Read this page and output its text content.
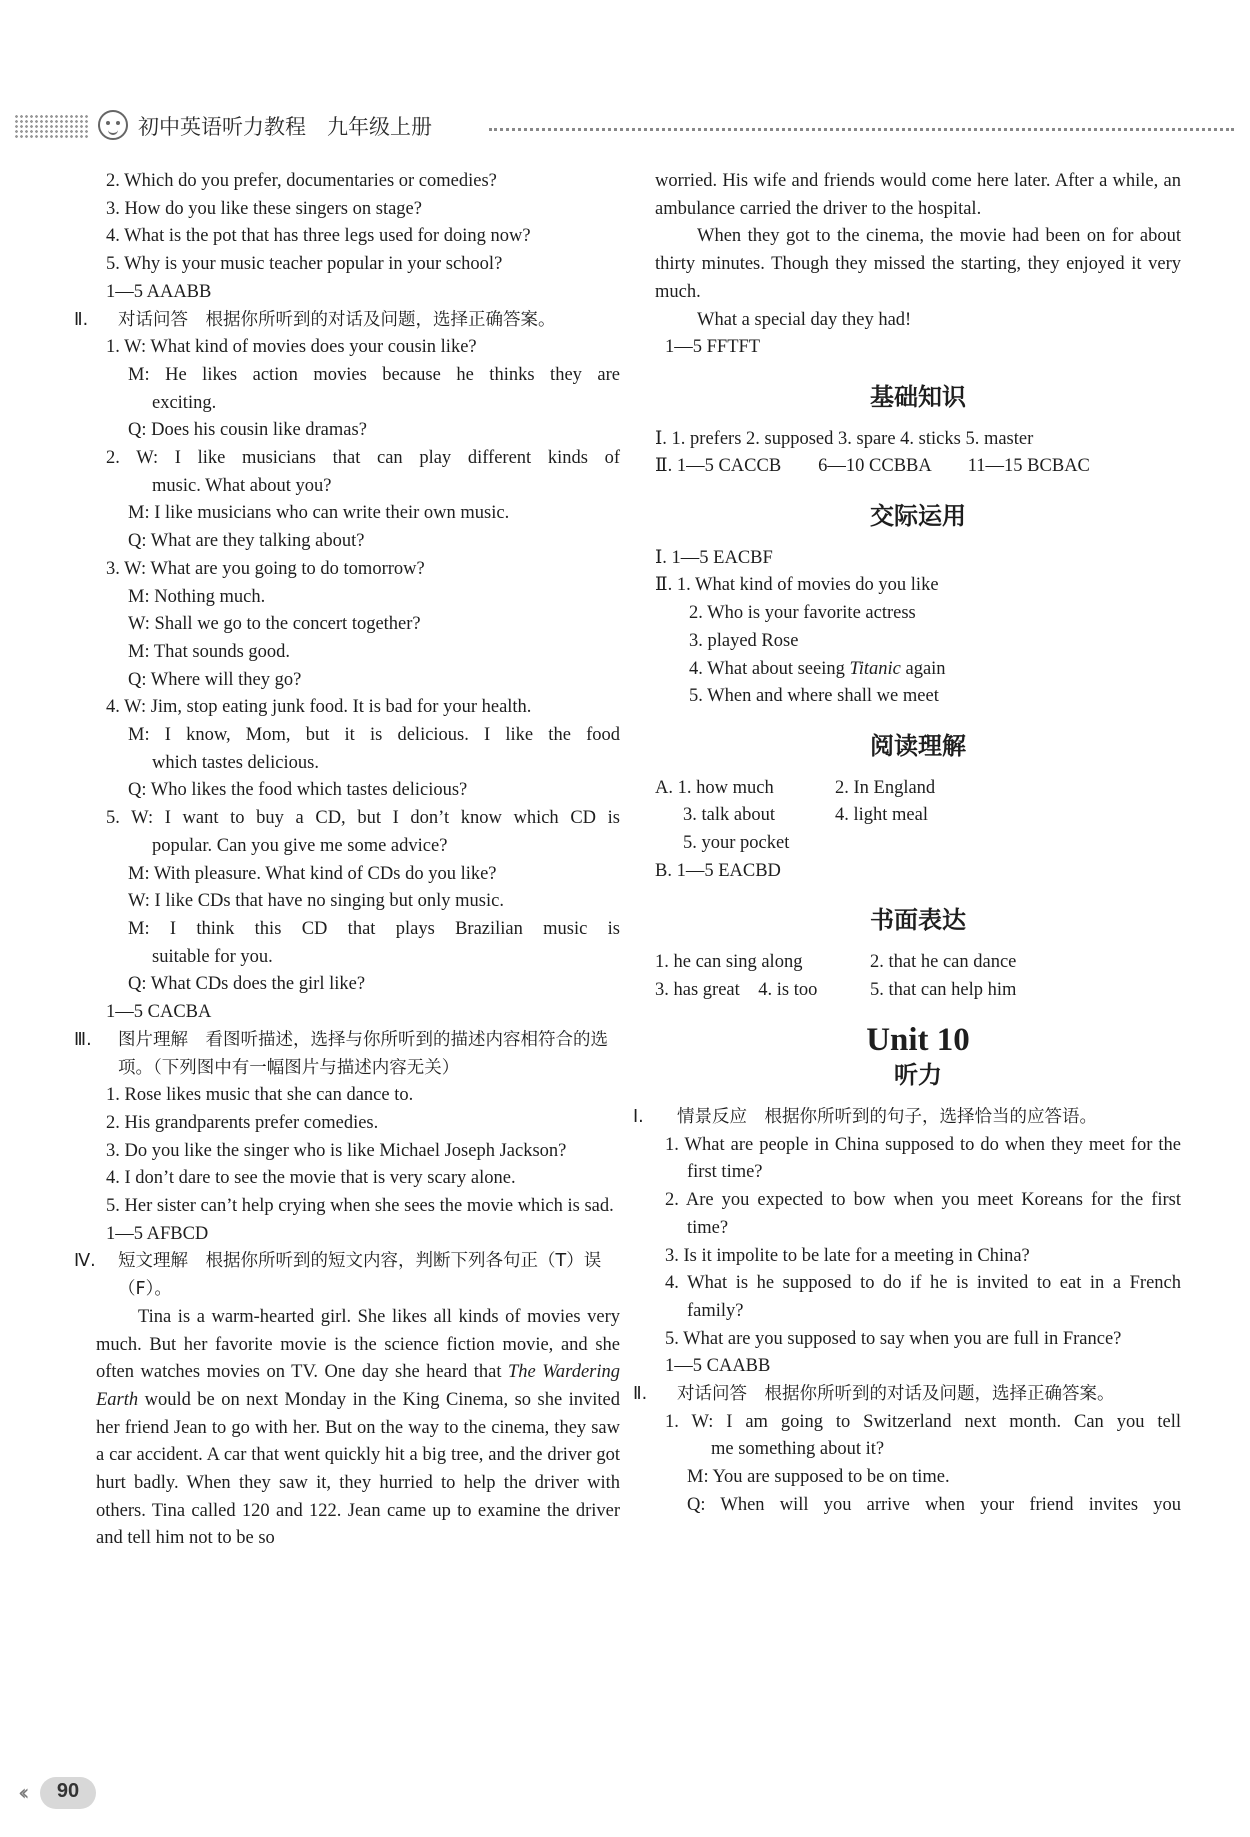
初中英语听力教程　九年级上册

2. Which do you prefer, documentaries or comedies?

3. How do you like these singers on stage?

4. What is the pot that has three legs used for doing now?

5. Why is your music teacher popular in your school?

1—5 AAABB

Ⅱ. 对话问答　根据你所听到的对话及问题，选择正确答案。

1. W: What kind of movies does your cousin like?

M: He likes action movies because he thinks they are

exciting.

Q: Does his cousin like dramas?

2. W: I like musicians that can play different kinds of

music. What about you?

M: I like musicians who can write their own music.

Q: What are they talking about?

3. W: What are you going to do tomorrow?

M: Nothing much.

W: Shall we go to the concert together?

M: That sounds good.

Q: Where will they go?

4. W: Jim, stop eating junk food. It is bad for your health.

M: I know, Mom, but it is delicious. I like the food

which tastes delicious.

Q: Who likes the food which tastes delicious?

5. W: I want to buy a CD, but I don’t know which CD is

popular. Can you give me some advice?

M: With pleasure. What kind of CDs do you like?

W: I like CDs that have no singing but only music.

M: I think this CD that plays Brazilian music is

suitable for you.

Q: What CDs does the girl like?

1—5 CACBA

Ⅲ. 图片理解　看图听描述，选择与你所听到的描述内容相符合的选项。（下列图中有一幅图片与描述内容无关）

1. Rose likes music that she can dance to.

2. His grandparents prefer comedies.

3. Do you like the singer who is like Michael Joseph Jackson?

4. I don’t dare to see the movie that is very scary alone.

5. Her sister can’t help crying when she sees the movie which is sad.

1—5 AFBCD

Ⅳ. 短文理解　根据你所听到的短文内容，判断下列各句正（T）误（F）。

Tina is a warm-hearted girl. She likes all kinds of movies very much. But her favorite movie is the science fiction movie, and she often watches movies on TV. One day she heard that The Wardering Earth would be on next Monday in the King Cinema, so she invited her friend Jean to go with her. But on the way to the cinema, they saw a car accident. A car that went quickly hit a big tree, and the driver got hurt badly. When they saw it, they hurried to help the driver with others. Tina called 120 and 122. Jean came up to examine the driver and tell him not to be so

worried. His wife and friends would come here later. After a while, an ambulance carried the driver to the hospital.

When they got to the cinema, the movie had been on for about thirty minutes. Though they missed the starting, they enjoyed it very much.

What a special day they had!

1—5 FFTFT

基础知识

Ⅰ. 1. prefers 2. supposed 3. spare 4. sticks 5. master

Ⅱ. 1—5 CACCB　　6—10 CCBBA　　11—15 BCBAC

交际运用

Ⅰ. 1—5 EACBF

Ⅱ. 1. What kind of movies do you like

2. Who is your favorite actress

3. played Rose

4. What about seeing Titanic again

5. When and where shall we meet

阅读理解

A. 1. how much	2. In England

3. talk about	4. light meal

5. your pocket

B. 1—5 EACBD

书面表达

1. he can sing along	2. that he can dance

3. has great　4. is too	5. that can help him

Unit 10
听力

Ⅰ. 情景反应　根据你所听到的句子，选择恰当的应答语。

1. What are people in China supposed to do when they meet for the first time?

2. Are you expected to bow when you meet Koreans for the first time?

3. Is it impolite to be late for a meeting in China?

4. What is he supposed to do if he is invited to eat in a French family?

5. What are you supposed to say when you are full in France?

1—5 CAABB

Ⅱ. 对话问答　根据你所听到的对话及问题，选择正确答案。

1. W: I am going to Switzerland next month. Can you tell

me something about it?

M: You are supposed to be on time.

Q: When will you arrive when your friend invites you

‹‹	90
